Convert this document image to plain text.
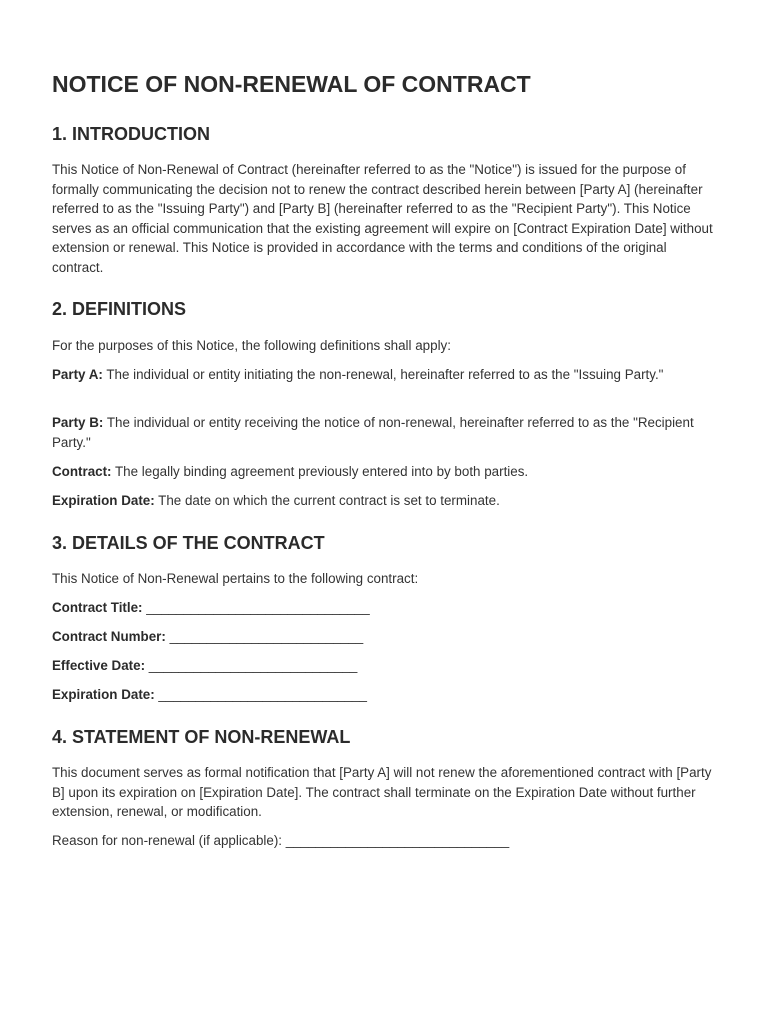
NOTICE OF NON-RENEWAL OF CONTRACT
1. INTRODUCTION

This Notice of Non-Renewal of Contract (hereinafter referred to as the "Notice") is issued for the purpose of formally communicating the decision not to renew the contract described herein between [Party A] (hereinafter referred to as the "Issuing Party") and [Party B] (hereinafter referred to as the "Recipient Party"). This Notice serves as an official communication that the existing agreement will expire on [Contract Expiration Date] without extension or renewal. This Notice is provided in accordance with the terms and conditions of the original contract.

2. DEFINITIONS

For the purposes of this Notice, the following definitions shall apply:

Party A: The individual or entity initiating the non-renewal, hereinafter referred to as the "Issuing Party."

Party B: The individual or entity receiving the notice of non-renewal, hereinafter referred to as the "Recipient Party."

Contract: The legally binding agreement previously entered into by both parties.

Expiration Date: The date on which the current contract is set to terminate.

3. DETAILS OF THE CONTRACT

This Notice of Non-Renewal pertains to the following contract:

Contract Title: ______________________________

Contract Number: __________________________

Effective Date: ____________________________

Expiration Date: ____________________________

4. STATEMENT OF NON-RENEWAL

This document serves as formal notification that [Party A] will not renew the aforementioned contract with [Party B] upon its expiration on [Expiration Date]. The contract shall terminate on the Expiration Date without further extension, renewal, or modification.

Reason for non-renewal (if applicable): ______________________________
